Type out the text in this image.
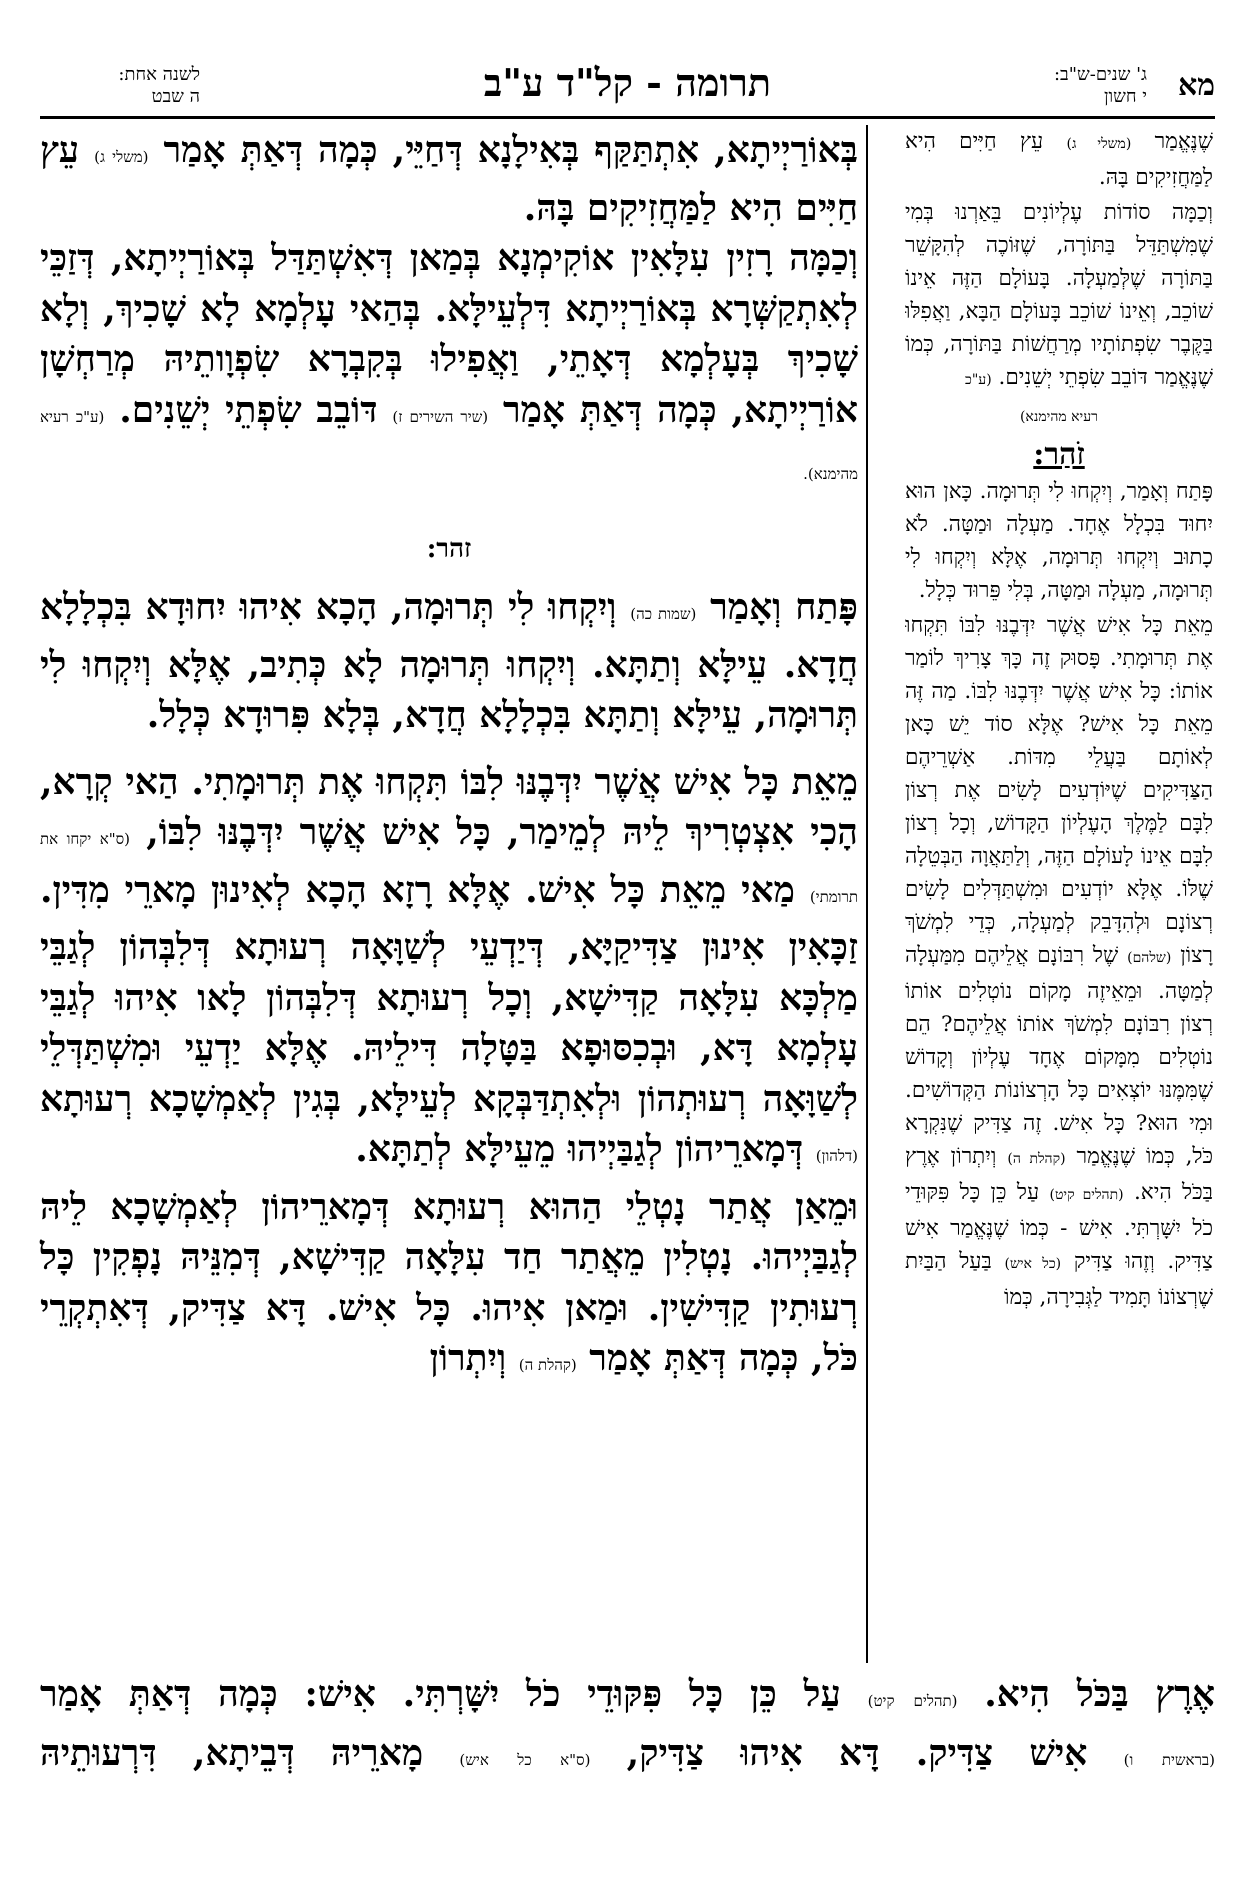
מא
ג' שנים-ש"ב:
י חשון
תרומה - קל"ד ע"ב
לשנה אחת:
ה שבט

שֶׁנֶּאֱמַר (משלי ג) עֵץ חַיִּים הִיא לַמַּחֲזִיקִים בָּהּ.

וְכַמָּה סוֹדוֹת עֶלְיוֹנִים בֵּאַרְנוּ בְּמִי שֶׁמִּשְׁתַּדֵּל בַּתּוֹרָה, שֶׁזּוֹכֶה לְהִקָּשֵׁר בַּתּוֹרָה שֶׁלְּמַעְלָה. בָּעוֹלָם הַזֶּה אֵינוֹ שׁוֹכֵב, וְאֵינוֹ שׁוֹכֵב בָּעוֹלָם הַבָּא, וַאֲפִלּוּ בַּקֶּבֶר שִׂפְתוֹתָיו מְרַחֲשׁוֹת בַּתּוֹרָה, כְּמוֹ שֶׁנֶּאֱמַר דּוֹבֵב שִׂפְתֵי יְשֵׁנִים. (ע"כ

רעיא מהימנא)
זֹהַר:

פָּתַח וְאָמַר, וְיִקְחוּ לִי תְּרוּמָה. כָּאן הוּא יִחוּד בִּכְלָל אֶחָד. מַעְלָה וּמַטָּה. לֹא כָתוּב וְיִקְחוּ תְּרוּמָה, אֶלָּא וְיִקְחוּ לִי תְּרוּמָה, מַעְלָה וּמַטָּה, בְּלִי פֵּרוּד כְּלָל.

מֵאֵת כָּל אִישׁ אֲשֶׁר יִדְּבֶנּוּ לִבּוֹ תִּקְחוּ אֶת תְּרוּמָתִי. פָּסוּק זֶה כָּךְ צָרִיךְ לוֹמַר אוֹתוֹ: כָּל אִישׁ אֲשֶׁר יִדְּבֶנּוּ לִבּוֹ. מַה זֶּה מֵאֵת כָּל אִישׁ? אֶלָּא סוֹד יֵשׁ כָּאן לְאוֹתָם בַּעֲלֵי מִדּוֹת. אַשְׁרֵיהֶם הַצַּדִּיקִים שֶׁיּוֹדְעִים לָשִׂים אֶת רְצוֹן לִבָּם לַמֶּלֶךְ הָעֶלְיוֹן הַקָּדוֹשׁ, וְכָל רְצוֹן לִבָּם אֵינוֹ לָעוֹלָם הַזֶּה, וְלַתַּאֲוָה הַבְּטֵלָה שֶׁלּוֹ. אֶלָּא יוֹדְעִים וּמִשְׁתַּדְּלִים לָשִׂים רְצוֹנָם וּלְהִדָּבֵק לְמַעְלָה, כְּדֵי לִמְשֹׁךְ רָצוֹן (שלהם) שֶׁל רִבּוֹנָם אֲלֵיהֶם מִמַּעְלָה לְמַטָּה. וּמֵאֵיזֶה מָקוֹם נוֹטְלִים אוֹתוֹ רְצוֹן רִבּוֹנָם לִמְשֹׁךְ אוֹתוֹ אֲלֵיהֶם? הֵם נוֹטְלִים מִמָּקוֹם אֶחָד עֶלְיוֹן וְקָדוֹשׁ שֶׁמִּמֶּנּוּ יוֹצְאִים כָּל הָרְצוֹנוֹת הַקְּדוֹשִׁים. וּמִי הוּא? כָּל אִישׁ. זֶה צַדִּיק שֶׁנִּקְרָא כֹּל, כְּמוֹ שֶׁנֶּאֱמַר (קהלת ה) וְיִתְרוֹן אֶרֶץ בַּכֹּל הִיא. (תהלים קיט) עַל כֵּן כָּל פִּקּוּדֵי כֹל יִשָּׁרְתִּי. אִישׁ - כְּמוֹ שֶׁנֶּאֱמַר אִישׁ צַדִּיק. וְזֶהוּ צַדִּיק (כל איש) בַּעַל הַבַּיִת שֶׁרְצוֹנוֹ תָּמִיד לַגְּבִירָה, כְּמוֹ

בְּאוֹרַיְיתָא, אִתְתַּקַּף בְּאִילָנָא דְּחַיֵּי, כְּמָה דְּאַתְּ אָמַר (משלי ג) עֵץ חַיִּים הִיא לַמַּחֲזִיקִים בָּהּ.

וְכַמָּה רָזִין עִלָּאִין אוֹקִימְנָא בְּמַאן דְּאִשְׁתַּדַּל בְּאוֹרַיְיתָא, דְּזַכֵּי לְאִתְקַשְּׁרָא בְּאוֹרַיְיתָא דִּלְעֵילָּא. בְּהַאי עָלְמָא לָא שָׁכִיךְ, וְלָא שָׁכִיךְ בְּעָלְמָא דְּאָתֵי, וַאֲפִילוּ בְּקִבְרָא שִׂפְוָותֵיהּ מְרַחְשָׁן אוֹרַיְיתָא, כְּמָה דְּאַתְּ אָמַר (שיר השירים ז) דּוֹבֵב שִׂפְתֵי יְשֵׁנִים. (ע"כ רעיא מהימנא).

זהר:

פָּתַח וְאָמַר (שמות כה) וְיִקְחוּ לִי תְּרוּמָה, הָכָא אִיהוּ יִחוּדָא בִּכְלָלָא חֲדָא. עֵילָּא וְתַתָּא. וְיִקְחוּ תְּרוּמָה לָא כְּתִיב, אֶלָּא וְיִקְחוּ לִי תְּרוּמָה, עֵילָּא וְתַתָּא בִּכְלָלָא חֲדָא, בְּלָא פִּרוּדָא כְּלָל.

מֵאֵת כָּל אִישׁ אֲשֶׁר יִדְּבֶנּוּ לִבּוֹ תִּקְחוּ אֶת תְּרוּמָתִי. הַאי קְרָא, הָכִי אִצְטְרִיךְ לֵיהּ לְמֵימַר, כָּל אִישׁ אֲשֶׁר יִדְּבֶנּוּ לִבּוֹ, (ס"א יקחו את תרומתי) מַאי מֵאֵת כָּל אִישׁ. אֶלָּא רָזָא הָכָא לְאִינוּן מָארֵי מִדִּין. זַכָּאִין אִינוּן צַדִּיקַיָּא, דְּיַדְעֵי לְשַׁוָּאָה רְעוּתָא דְּלִבְּהוֹן לְגַבֵּי מַלְכָּא עִלָּאָה קַדִּישָׁא, וְכָל רְעוּתָא דְּלִבְּהוֹן לָאו אִיהוּ לְגַבֵּי עָלְמָא דָּא, וּבְכִסּוּפָא בַּטָּלָה דִּילֵיהּ. אֶלָּא יַדְעֵי וּמִשְׁתַּדְּלֵי לְשַׁוָּאָה רְעוּתְהוֹן וּלְאִתְדַּבְּקָא לְעֵילָּא, בְּגִין לְאַמְשָׁכָא רְעוּתָא (דלהון) דְּמָארֵיהוֹן לְגַבַּיְיהוּ מֵעֵילָּא לְתַתָּא.

וּמֵאַן אֲתַר נָטְלֵי הַהוּא רְעוּתָא דְּמָארֵיהוֹן לְאַמְשָׁכָא לֵיהּ לְגַבַּיְיהוּ. נָטְלִין מֵאֲתַר חַד עִלָּאָה קַדִּישָׁא, דְּמִנֵּיהּ נָפְקִין כָּל רְעוּתִין קַדִּישִׁין. וּמַאן אִיהוּ. כָּל אִישׁ. דָּא צַדִּיק, דְּאִתְקְרֵי כֹּל, כְּמָה דְּאַתְּ אָמַר (קהלת ה) וְיִתְרוֹן

אֶרֶץ בַּכֹּל הִיא. (תהלים קיט) עַל כֵּן כָּל פִּקּוּדֵי כֹל יִשָּׁרְתִּי. אִישׁ: כְּמָה דְּאַתְּ אָמַר
(בראשית ו) אִישׁ צַדִּיק. דָּא אִיהוּ צַדִּיק, (ס"א כל איש) מָארֵיהּ דְּבֵיתָא, דִּרְעוּתֵיהּ
